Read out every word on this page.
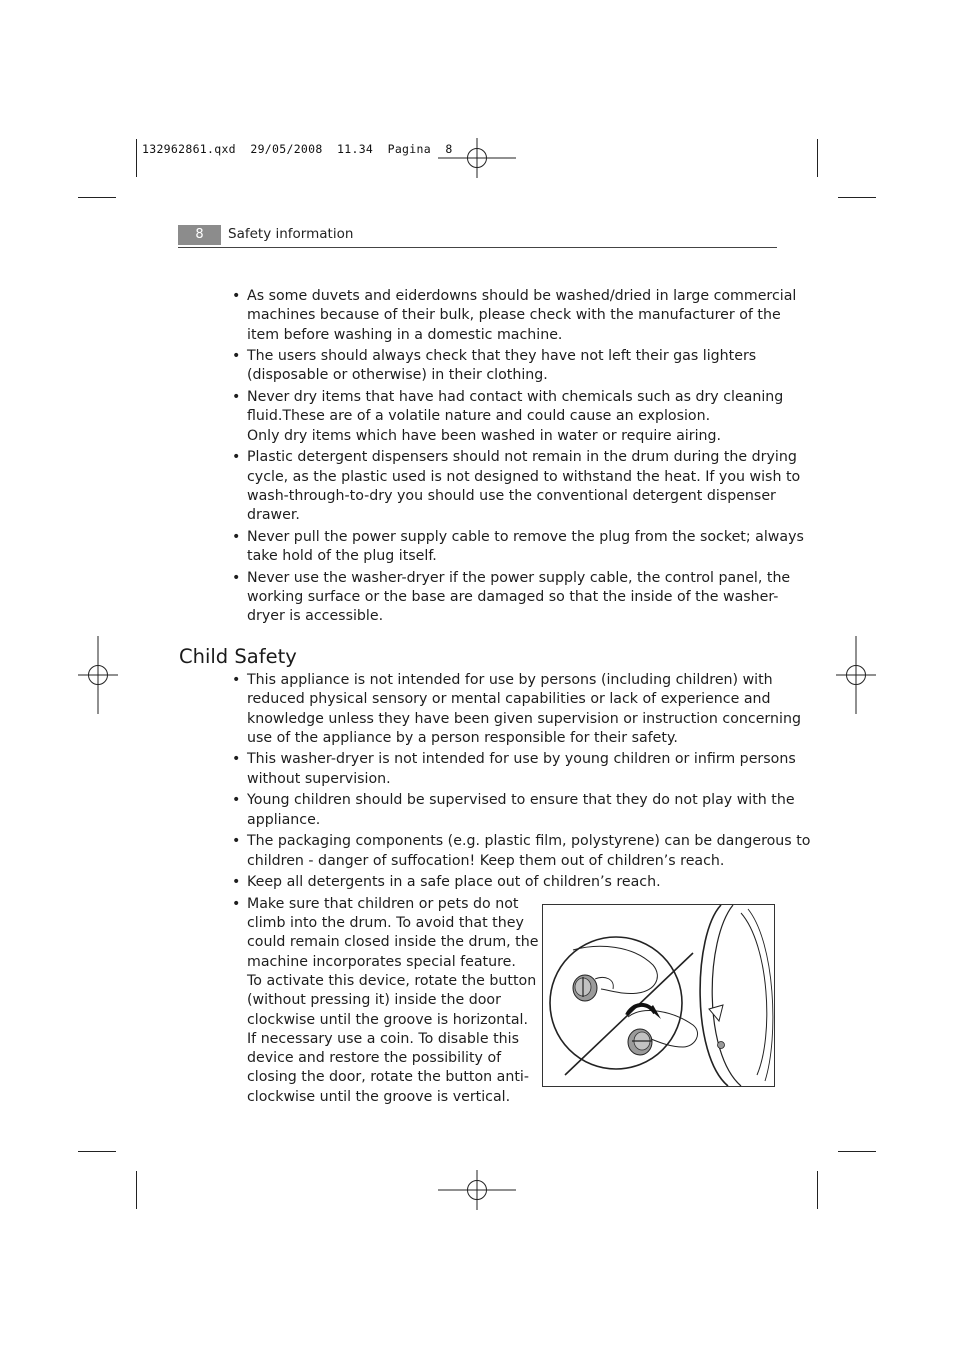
132962861.qxd  29/05/2008  11.34  Pagina  8
8	Safety information
• As some duvets and eiderdowns should be washed/dried in large commercial
machines because of their bulk, please check with the manufacturer of the
item before washing in a domestic machine.
• The users should always check that they have not left their gas lighters
(disposable or otherwise) in their clothing.
• Never dry items that have had contact with chemicals such as dry cleaning
fluid.These are of a volatile nature and could cause an explosion.
Only dry items which have been washed in water or require airing.
• Plastic detergent dispensers should not remain in the drum during the drying
cycle, as the plastic used is not designed to withstand the heat. If you wish to
wash-through-to-dry you should use the conventional detergent dispenser
drawer.
• Never pull the power supply cable to remove the plug from the socket; always
take hold of the plug itself.
• Never use the washer-dryer if the power supply cable, the control panel, the
working surface or the base are damaged so that the inside of the washer-
dryer is accessible.
Child Safety
• This appliance is not intended for use by persons (including children) with
reduced physical sensory or mental capabilities or lack of experience and
knowledge unless they have been given supervision or instruction concerning
use of the appliance by a person responsible for their safety.
• This washer-dryer is not intended for use by young children or infirm persons
without supervision.
• Young children should be supervised to ensure that they do not play with the
appliance.
• The packaging components (e.g. plastic film, polystyrene) can be dangerous to
children - danger of suffocation! Keep them out of children’s reach.
• Keep all detergents in a safe place out of children’s reach.
• Make sure that children or pets do not
climb into the drum. To avoid that they
could remain closed inside the drum, the
machine incorporates special feature.
To activate this device, rotate the button
(without pressing it) inside the door
clockwise until the groove is horizontal.
If necessary use a coin. To disable this
device and restore the possibility of
closing the door, rotate the button anti-
clockwise until the groove is vertical.
